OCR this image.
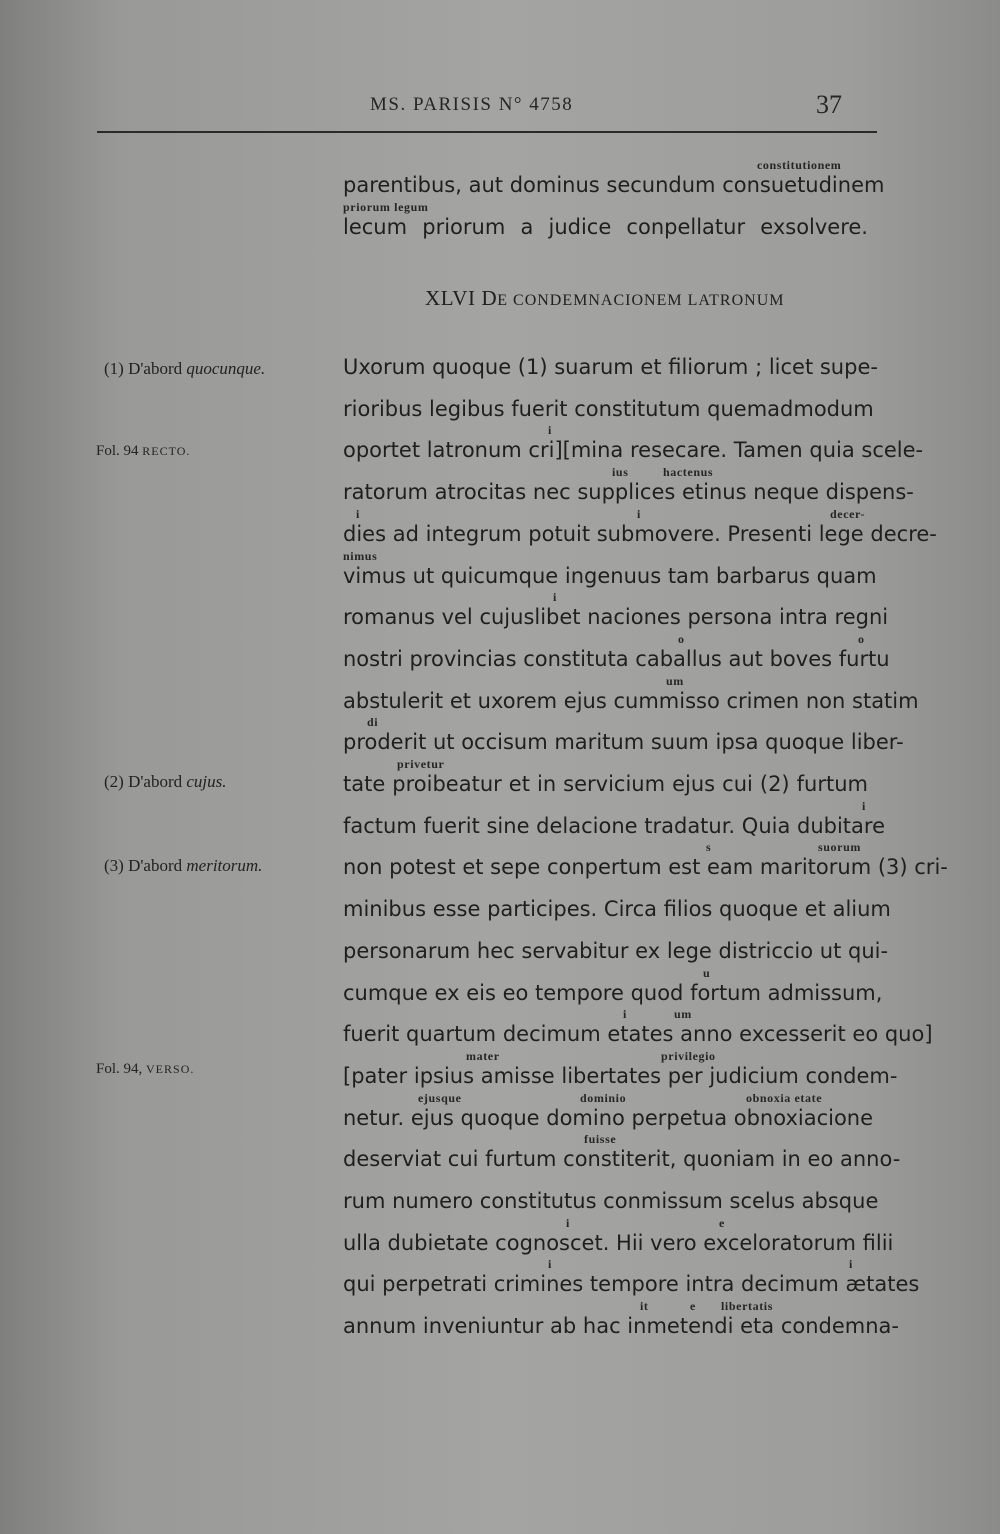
MS. PARISIS N° 4758	37
constitutionem
parentibus, aut dominus secundum consuetudinem
priorum legum
lecum priorum a judice conpellatur exsolvere.
XLVI DE CONDEMNACIONEM LATRONUM
Uxorum quoque (1) suarum et filiorum ; licet supe-
rioribus legibus fuerit constitutum quemadmodum
i
oportet latronum cri][mina resecare. Tamen quia scele-
ius	hactenus
ratorum atrocitas nec supplices etinus neque dispens-
i	i	decer-
dies ad integrum potuit submovere. Presenti lege decre-
nimus
vimus ut quicumque ingenuus tam barbarus quam
i
romanus vel cujuslibet naciones persona intra regni
o	o
nostri provincias constituta caballus aut boves furtu
um
abstulerit et uxorem ejus cummisso crimen non statim
di
proderit ut occisum maritum suum ipsa quoque liber-
privetur
tate proibeatur et in servicium ejus cui (2) furtum
i
factum fuerit sine delacione tradatur. Quia dubitare
s	suorum
non potest et sepe conpertum est eam maritorum (3) cri-
minibus esse participes. Circa filios quoque et alium
personarum hec servabitur ex lege districcio ut qui-
u
cumque ex eis eo tempore quod fortum admissum,
i	um
fuerit quartum decimum etates anno excesserit eo quo]
mater	privilegio
[pater ipsius amisse libertates per judicium condem-
ejusque	dominio	obnoxia etate
netur. ejus quoque domino perpetua obnoxiacione
fuisse
deserviat cui furtum constiterit, quoniam in eo anno-
rum numero constitutus conmissum scelus absque
i	e
ulla dubietate cognoscet. Hii vero exceloratorum filii
i	i
qui perpetrati crimines tempore intra decimum ætates
it	e libertatis
annum inveniuntur ab hac inmetendi eta condemna-
(1) D'abord quocunque.
(2) D'abord cujus.
(3) D'abord meritorum.
Fol. 94 RECTO.
Fol. 94, VERSO.
